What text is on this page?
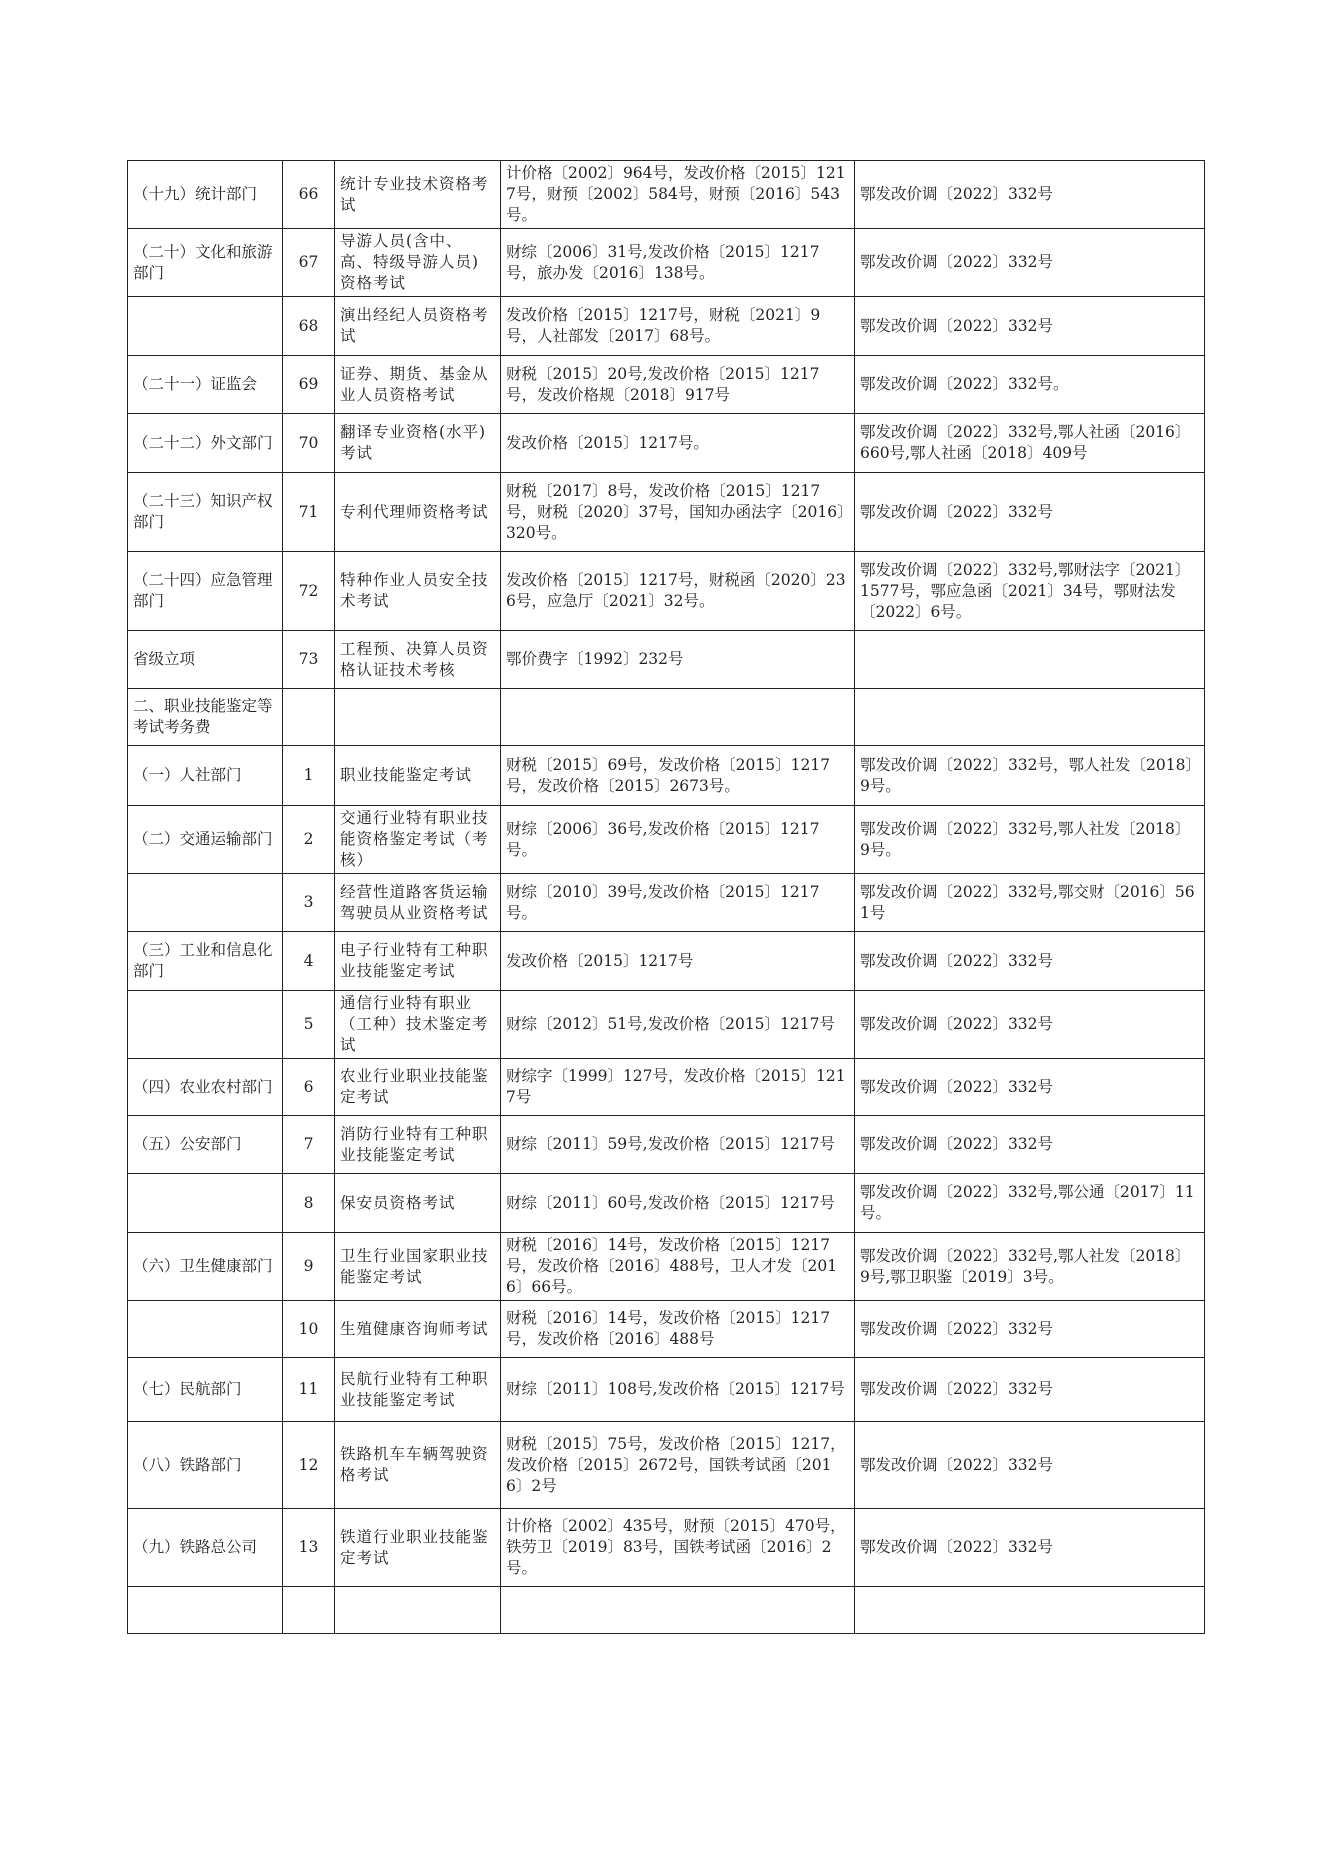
（十九）统计部门	66	统计专业技术资格考试	计价格〔2002〕964号，发改价格〔2015〕1217号，财预〔2002〕584号，财预〔2016〕543号。	鄂发改价调〔2022〕332号
（二十）文化和旅游部门	67	导游人员(含中、高、特级导游人员)资格考试	财综〔2006〕31号,发改价格〔2015〕1217号，旅办发〔2016〕138号。	鄂发改价调〔2022〕332号
	68	演出经纪人员资格考试	发改价格〔2015〕1217号，财税〔2021〕9号，人社部发〔2017〕68号。	鄂发改价调〔2022〕332号
（二十一）证监会	69	证券、期货、基金从业人员资格考试	财税〔2015〕20号,发改价格〔2015〕1217号，发改价格规〔2018〕917号	鄂发改价调〔2022〕332号。
（二十二）外文部门	70	翻译专业资格(水平)考试	发改价格〔2015〕1217号。	鄂发改价调〔2022〕332号,鄂人社函〔2016〕660号,鄂人社函〔2018〕409号
（二十三）知识产权部门	71	专利代理师资格考试	财税〔2017〕8号，发改价格〔2015〕1217号，财税〔2020〕37号，国知办函法字〔2016〕320号。	鄂发改价调〔2022〕332号
（二十四）应急管理部门	72	特种作业人员安全技术考试	发改价格〔2015〕1217号，财税函〔2020〕236号，应急厅〔2021〕32号。	鄂发改价调〔2022〕332号,鄂财法字〔2021〕1577号，鄂应急函〔2021〕34号，鄂财法发〔2022〕6号。
省级立项	73	工程预、决算人员资格认证技术考核	鄂价费字〔1992〕232号	
二、职业技能鉴定等考试考务费				
（一）人社部门	1	职业技能鉴定考试	财税〔2015〕69号，发改价格〔2015〕1217号，发改价格〔2015〕2673号。	鄂发改价调〔2022〕332号，鄂人社发〔2018〕9号。
（二）交通运输部门	2	交通行业特有职业技能资格鉴定考试（考核）	财综〔2006〕36号,发改价格〔2015〕1217号。	鄂发改价调〔2022〕332号,鄂人社发〔2018〕9号。
	3	经营性道路客货运输驾驶员从业资格考试	财综〔2010〕39号,发改价格〔2015〕1217号。	鄂发改价调〔2022〕332号,鄂交财〔2016〕561号
（三）工业和信息化部门	4	电子行业特有工种职业技能鉴定考试	发改价格〔2015〕1217号	鄂发改价调〔2022〕332号
	5	通信行业特有职业（工种）技术鉴定考试	财综〔2012〕51号,发改价格〔2015〕1217号	鄂发改价调〔2022〕332号
（四）农业农村部门	6	农业行业职业技能鉴定考试	财综字〔1999〕127号，发改价格〔2015〕1217号	鄂发改价调〔2022〕332号
（五）公安部门	7	消防行业特有工种职业技能鉴定考试	财综〔2011〕59号,发改价格〔2015〕1217号	鄂发改价调〔2022〕332号
	8	保安员资格考试	财综〔2011〕60号,发改价格〔2015〕1217号	鄂发改价调〔2022〕332号,鄂公通〔2017〕11号。
（六）卫生健康部门	9	卫生行业国家职业技能鉴定考试	财税〔2016〕14号，发改价格〔2015〕1217号，发改价格〔2016〕488号，卫人才发〔2016〕66号。	鄂发改价调〔2022〕332号,鄂人社发〔2018〕9号,鄂卫职鉴〔2019〕3号。
	10	生殖健康咨询师考试	财税〔2016〕14号，发改价格〔2015〕1217号，发改价格〔2016〕488号	鄂发改价调〔2022〕332号
（七）民航部门	11	民航行业特有工种职业技能鉴定考试	财综〔2011〕108号,发改价格〔2015〕1217号	鄂发改价调〔2022〕332号
（八）铁路部门	12	铁路机车车辆驾驶资格考试	财税〔2015〕75号，发改价格〔2015〕1217，发改价格〔2015〕2672号，国铁考试函〔2016〕2号	鄂发改价调〔2022〕332号
（九）铁路总公司	13	铁道行业职业技能鉴定考试	计价格〔2002〕435号，财预〔2015〕470号，铁劳卫〔2019〕83号，国铁考试函〔2016〕2号。	鄂发改价调〔2022〕332号
